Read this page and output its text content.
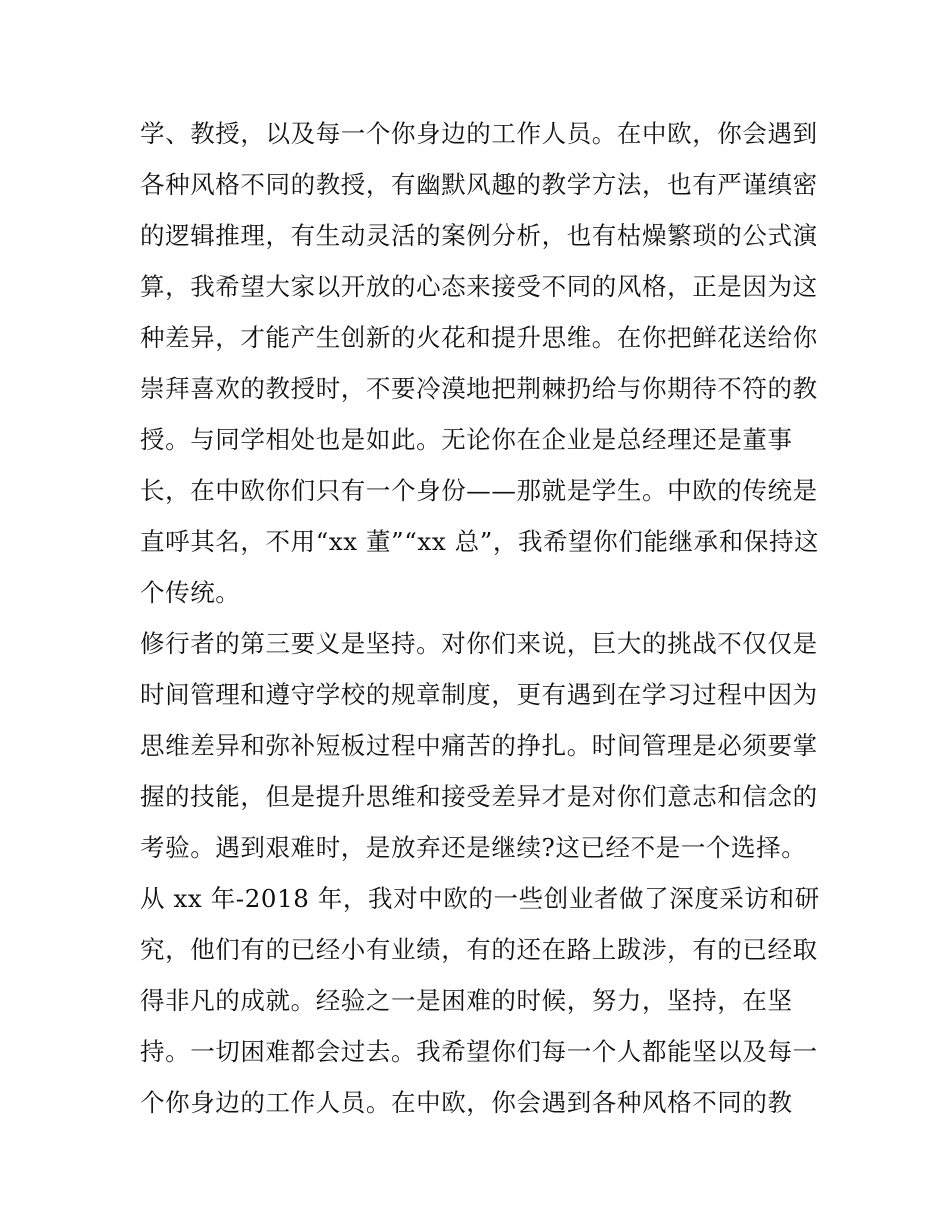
学、教授，以及每一个你身边的工作人员。在中欧，你会遇到
各种风格不同的教授，有幽默风趣的教学方法，也有严谨缜密
的逻辑推理，有生动灵活的案例分析，也有枯燥繁琐的公式演
算，我希望大家以开放的心态来接受不同的风格，正是因为这
种差异，才能产生创新的火花和提升思维。在你把鲜花送给你
崇拜喜欢的教授时，不要冷漠地把荆棘扔给与你期待不符的教
授。与同学相处也是如此。无论你在企业是总经理还是董事
长，在中欧你们只有一个身份——那就是学生。中欧的传统是
直呼其名，不用“xx 董”“xx 总”，我希望你们能继承和保持这
个传统。
修行者的第三要义是坚持。对你们来说，巨大的挑战不仅仅是
时间管理和遵守学校的规章制度，更有遇到在学习过程中因为
思维差异和弥补短板过程中痛苦的挣扎。时间管理是必须要掌
握的技能，但是提升思维和接受差异才是对你们意志和信念的
考验。遇到艰难时，是放弃还是继续?这已经不是一个选择。
从 xx 年-2018 年，我对中欧的一些创业者做了深度采访和研
究，他们有的已经小有业绩，有的还在路上跋涉，有的已经取
得非凡的成就。经验之一是困难的时候，努力，坚持，在坚
持。一切困难都会过去。我希望你们每一个人都能坚以及每一
个你身边的工作人员。在中欧，你会遇到各种风格不同的教
